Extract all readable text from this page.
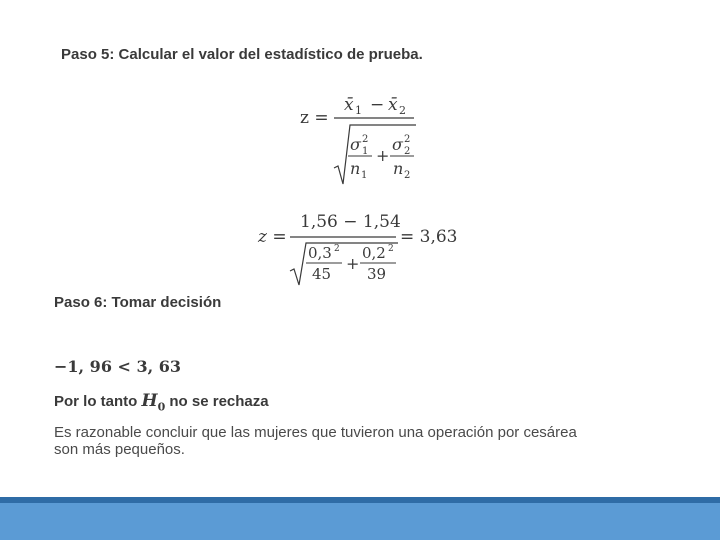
Paso 5: Calcular el valor del estadístico de prueba.
z =
x̄ 1 − x̄ 2
σ 2
1
n 1
+
σ 2
2
n 2
z =
1,56 − 1,54
0,3 2
45
+
0,2 2
39
= 3,63
Paso 6: Tomar decisión
−1, 96 < 3, 63
Por lo tanto $H_0$ no se rechaza
Es razonable concluir que las mujeres que tuvieron una operación por cesárea
son más pequeños.
